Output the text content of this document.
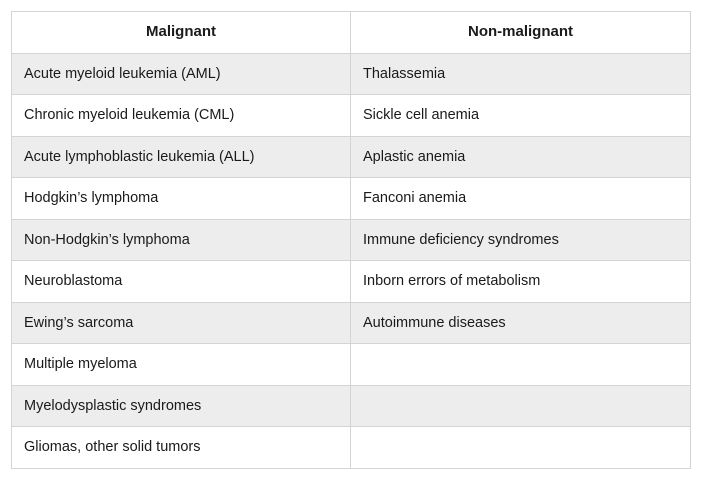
Malignant	Non-malignant
Acute myeloid leukemia (AML)	Thalassemia
Chronic myeloid leukemia (CML)	Sickle cell anemia
Acute lymphoblastic leukemia (ALL)	Aplastic anemia
Hodgkin’s lymphoma	Fanconi anemia
Non-Hodgkin’s lymphoma	Immune deficiency syndromes
Neuroblastoma	Inborn errors of metabolism
Ewing’s sarcoma	Autoimmune diseases
Multiple myeloma	
Myelodysplastic syndromes	
Gliomas, other solid tumors	
